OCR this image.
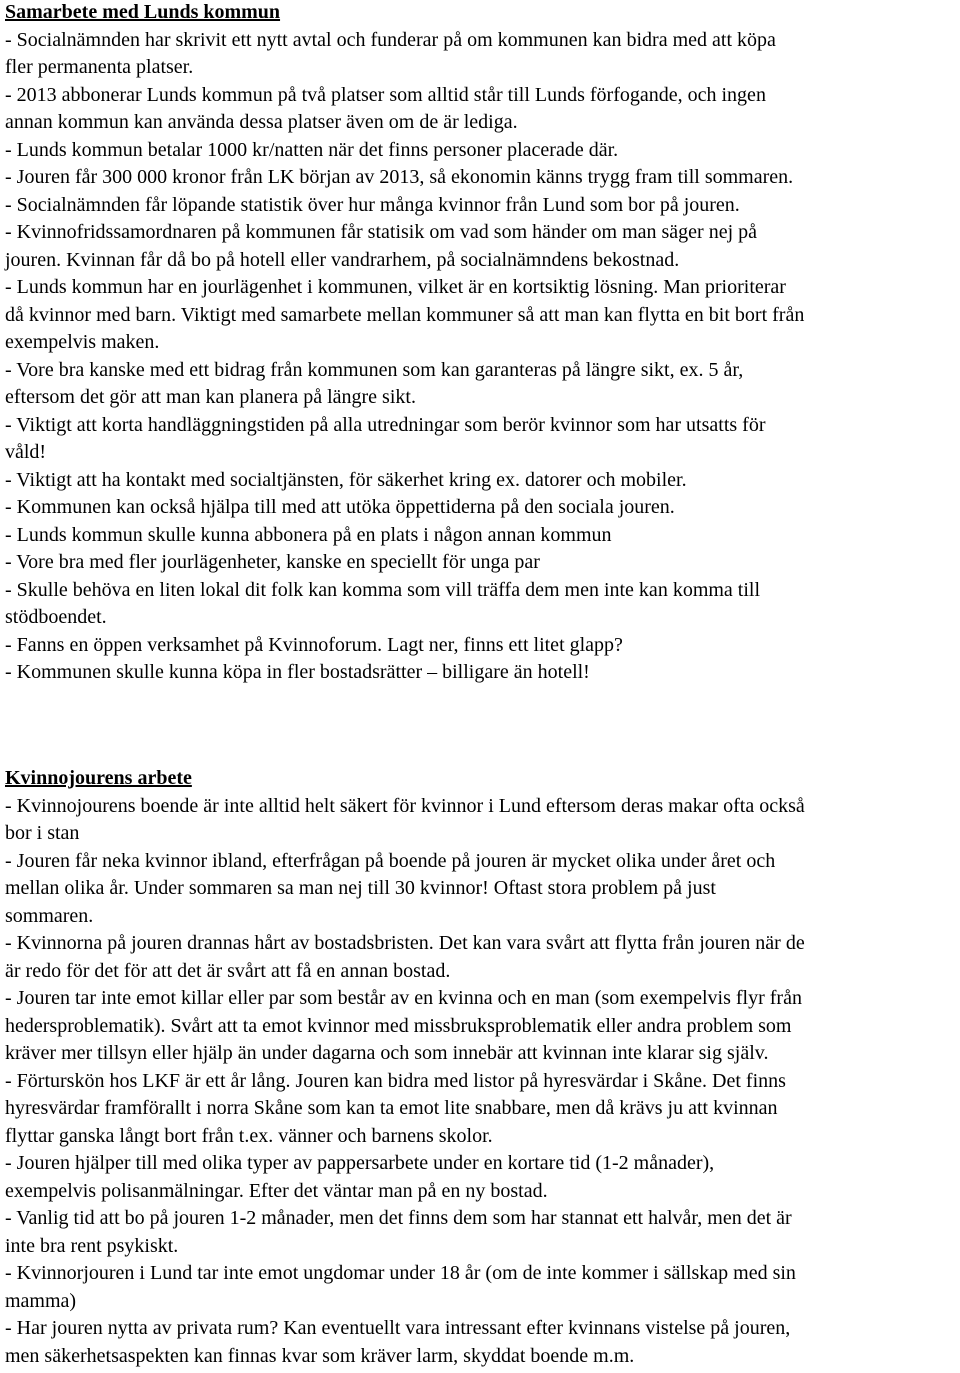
Samarbete med Lunds kommun

- Socialnämnden har skrivit ett nytt avtal och funderar på om kommunen kan bidra med att köpa

fler permanenta platser.

- 2013 abbonerar Lunds kommun på två platser som alltid står till Lunds förfogande, och ingen

annan kommun kan använda dessa platser även om de är lediga.

- Lunds kommun betalar 1000 kr/natten när det finns personer placerade där.

- Jouren får 300 000 kronor från LK början av 2013, så ekonomin känns trygg fram till sommaren.

- Socialnämnden får löpande statistik över hur många kvinnor från Lund som bor på jouren.

- Kvinnofridssamordnaren på kommunen får statisik om vad som händer om man säger nej på

jouren. Kvinnan får då bo på hotell eller vandrarhem, på socialnämndens bekostnad.

- Lunds kommun har en jourlägenhet i kommunen, vilket är en kortsiktig lösning. Man prioriterar

då kvinnor med barn. Viktigt med samarbete mellan kommuner så att man kan flytta en bit bort från

exempelvis maken.

- Vore bra kanske med ett bidrag från kommunen som kan garanteras på längre sikt, ex. 5 år,

eftersom det gör att man kan planera på längre sikt.

- Viktigt att korta handläggningstiden på alla utredningar som berör kvinnor som har utsatts för

våld!

- Viktigt att ha kontakt med socialtjänsten, för säkerhet kring ex. datorer och mobiler.

- Kommunen kan också hjälpa till med att utöka öppettiderna på den sociala jouren.

- Lunds kommun skulle kunna abbonera på en plats i någon annan kommun

- Vore bra med fler jourlägenheter, kanske en speciellt för unga par

- Skulle behöva en liten lokal dit folk kan komma som vill träffa dem men inte kan komma till

stödboendet.

- Fanns en öppen verksamhet på Kvinnoforum. Lagt ner, finns ett litet glapp?

- Kommunen skulle kunna köpa in fler bostadsrätter – billigare än hotell!

Kvinnojourens arbete

- Kvinnojourens boende är inte alltid helt säkert för kvinnor i Lund eftersom deras makar ofta också

bor i stan

- Jouren får neka kvinnor ibland, efterfrågan på boende på jouren är mycket olika under året och

mellan olika år. Under sommaren sa man nej till 30 kvinnor! Oftast stora problem på just

sommaren.

- Kvinnorna på jouren drannas hårt av bostadsbristen. Det kan vara svårt att flytta från jouren när de

är redo för det för att det är svårt att få en annan bostad.

- Jouren tar inte emot killar eller par som består av en kvinna och en man (som exempelvis flyr från

hedersproblematik). Svårt att ta emot kvinnor med missbruksproblematik eller andra problem som

kräver mer tillsyn eller hjälp än under dagarna och som innebär att kvinnan inte klarar sig själv.

- Förturskön hos LKF är ett år lång. Jouren kan bidra med listor på hyresvärdar i Skåne. Det finns

hyresvärdar framförallt i norra Skåne som kan ta emot lite snabbare, men då krävs ju att kvinnan

flyttar ganska långt bort från t.ex. vänner och barnens skolor.

- Jouren hjälper till med olika typer av pappersarbete under en kortare tid (1-2 månader),

exempelvis polisanmälningar. Efter det väntar man på en ny bostad.

- Vanlig tid att bo på jouren 1-2 månader, men det finns dem som har stannat ett halvår, men det är

inte bra rent psykiskt.

- Kvinnorjouren i Lund tar inte emot ungdomar under 18 år (om de inte kommer i sällskap med sin

mamma)

- Har jouren nytta av privata rum? Kan eventuellt vara intressant efter kvinnans vistelse på jouren,

men säkerhetsaspekten kan finnas kvar som kräver larm, skyddat boende m.m.
